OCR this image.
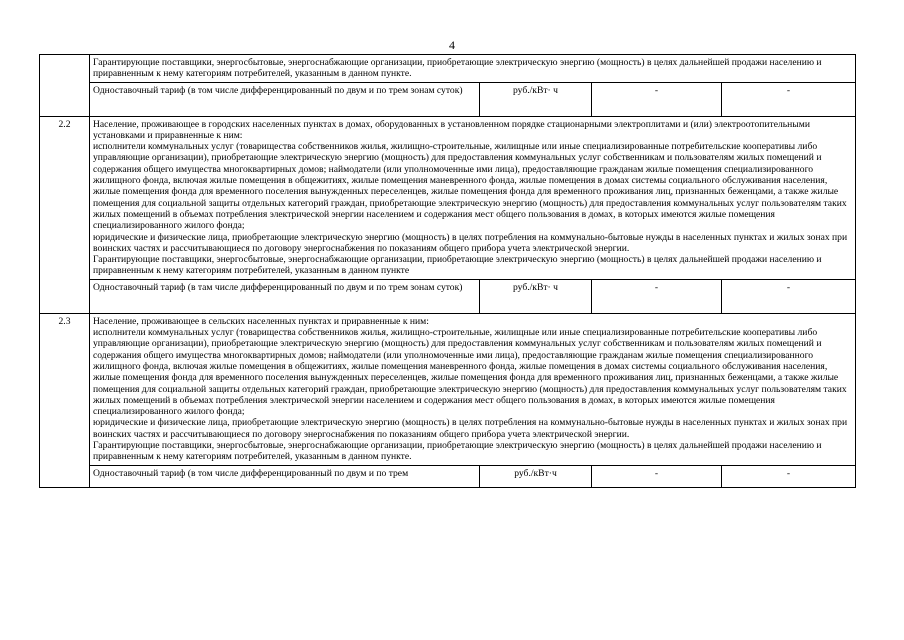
4

	Гарантирующие поставщики, энергосбытовые, энергоснабжающие организации, приобретающие электрическую энергию (мощность) в целях дальнейшей продажи населению и приравненным к нему категориям потребителей, указанным в данном пункте.			

	Одноставочный тариф (в том числе дифференцированный по двум и по трем зонам суток)	руб./кВт· ч	-	-
2.2	Население, проживающее в городских населенных пунктах в домах, оборудованных в установленном порядке стационарными электроплитами и (или) электроотопительными установками и приравненные к ним:
исполнители коммунальных услуг (товарищества собственников жилья, жилищно-строительные, жилищные или иные специализированные потребительские кооперативы либо управляющие организации), приобретающие электрическую энергию (мощность) для предоставления коммунальных услуг собственникам и пользователям жилых помещений и содержания общего имущества многоквартирных домов; наймодатели (или уполномоченные ими лица), предоставляющие гражданам жилые помещения специализированного жилищного фонда, включая жилые помещения в общежитиях, жилые помещения маневренного фонда, жилые помещения в домах системы социального обслуживания населения, жилые помещения фонда для временного поселения вынужденных переселенцев, жилые помещения фонда для временного проживания лиц, признанных беженцами, а также жилые помещения для социальной защиты отдельных категорий граждан, приобретающие электрическую энергию (мощность) для предоставления коммунальных услуг пользователям таких жилых помещений в объемах потребления электрической энергии населением и содержания мест общего пользования в домах, в которых имеются жилые помещения специализированного жилого фонда;
юридические и физические лица, приобретающие электрическую энергию (мощность) в целях потребления на коммунально-бытовые нужды в населенных пунктах и жилых зонах при воинских частях и рассчитывающиеся по договору энергоснабжения по показаниям общего прибора учета электрической энергии.
Гарантирующие поставщики, энергосбытовые, энергоснабжающие организации, приобретающие электрическую энергию (мощность) в целях дальнейшей продажи населению и приравненным к нему категориям потребителей, указанным в данном пункте			

	Одноставочный тариф (в там числе дифференцированный по двум и по трем зонам суток)	руб./кВт· ч	-	-
2.3	Население, проживающее в сельских населенных пунктах и приравненные к ним:
исполнители коммунальных услуг (товарищества собственников жилья, жилищно-строительные, жилищные или иные специализированные потребительские кооперативы либо управляющие организации), приобретающие электрическую энергию (мощность) для предоставления коммунальных услуг собственникам и пользователям жилых помещений и содержания общего имущества многоквартирных домов; наймодатели (или уполномоченные ими лица), предоставляющие гражданам жилые помещения специализированного жилищного фонда, включая жилые помещения в общежитиях, жилые помещения маневренного фонда, жилые помещения в домах системы социального обслуживания населения, жилые помещения фонда для временного поселения вынужденных переселенцев, жилые помещения фонда для временного проживания лиц, признанных беженцами, а также жилые помещения для социальной защиты отдельных категорий граждан, приобретающие электрическую энергию (мощность) для предоставления коммунальных услуг пользователям таких жилых помещений в объемах потребления электрической энергии населением и содержания мест общего пользования в домах, в которых имеются жилые помещения специализированного жилого фонда;
юридические и физические лица, приобретающие электрическую энергию (мощность) в целях потребления на коммунально-бытовые нужды в населенных пунктах и жилых зонах при воинских частях и рассчитывающиеся по договору энергоснабжения по показаниям общего прибора учета электрической энергии.
Гарантирующие поставщики, энергосбытовые, энергоснабжающие организации, приобретающие электрическую энергию (мощность) в целях дальнейшей продажи населению и приравненным к нему категориям потребителей, указанным в данном пункте.			

	Одноставочный тариф (в том числе дифференцированный по двум и по трем	руб./кВт·ч	-	-
